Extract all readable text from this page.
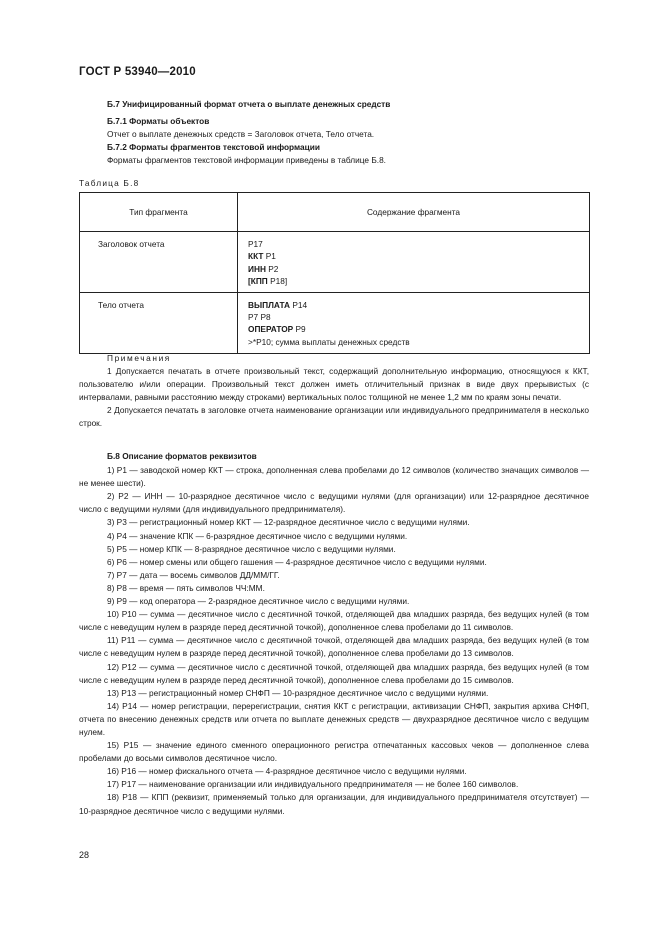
ГОСТ Р 53940—2010

Б.7 Унифицированный формат отчета о выплате денежных средств

Б.7.1 Форматы объектов

Отчет о выплате денежных средств = Заголовок отчета, Тело отчета.

Б.7.2 Форматы фрагментов текстовой информации

Форматы фрагментов текстовой информации приведены в таблице Б.8.

Таблица Б.8
Тип фрагмента	Содержание фрагмента
Заголовок отчета	Р17
ККТ Р1
ИНН Р2
[КПП Р18]

Тело отчета	ВЫПЛАТА Р14
Р7 Р8
ОПЕРАТОР Р9
>*Р10; сумма выплаты денежных средств

Примечания

1 Допускается печатать в отчете произвольный текст, содержащий дополнительную информацию, относящуюся к ККТ, пользователю и/или операции. Произвольный текст должен иметь отличительный признак в виде двух прерывистых (с интервалами, равными расстоянию между строками) вертикальных полос толщиной не менее 1,2 мм по краям зоны печати.

2 Допускается печатать в заголовке отчета наименование организации или индивидуального предпринимателя в несколько строк.

Б.8 Описание форматов реквизитов

1) Р1 — заводской номер ККТ — строка, дополненная слева пробелами до 12 символов (количество значащих символов — не менее шести).

2) Р2 — ИНН — 10-разрядное десятичное число с ведущими нулями (для организации) или 12-разрядное десятичное число с ведущими нулями (для индивидуального предпринимателя).

3) Р3 — регистрационный номер ККТ — 12-разрядное десятичное число с ведущими нулями.

4) Р4 — значение КПК — 6-разрядное десятичное число с ведущими нулями.

5) Р5 — номер КПК — 8-разрядное десятичное число с ведущими нулями.

6) Р6 — номер смены или общего гашения — 4-разрядное десятичное число с ведущими нулями.

7) Р7 — дата — восемь символов ДД/ММ/ГГ.

8) Р8 — время — пять символов ЧЧ:ММ.

9) Р9 — код оператора — 2-разрядное десятичное число с ведущими нулями.

10) Р10 — сумма — десятичное число с десятичной точкой, отделяющей два младших разряда, без ведущих нулей (в том числе с неведущим нулем в разряде перед десятичной точкой), дополненное слева пробелами до 11 символов.

11) Р11 — сумма — десятичное число с десятичной точкой, отделяющей два младших разряда, без ведущих нулей (в том числе с неведущим нулем в разряде перед десятичной точкой), дополненное слева пробелами до 13 символов.

12) Р12 — сумма — десятичное число с десятичной точкой, отделяющей два младших разряда, без ведущих нулей (в том числе с неведущим нулем в разряде перед десятичной точкой), дополненное слева пробелами до 15 символов.

13) Р13 — регистрационный номер СНФП — 10-разрядное десятичное число с ведущими нулями.

14) Р14 — номер регистрации, перерегистрации, снятия ККТ с регистрации, активизации СНФП, закрытия архива СНФП, отчета по внесению денежных средств или отчета по выплате денежных средств — двухразрядное десятичное число с ведущим нулем.

15) Р15 — значение единого сменного операционного регистра отпечатанных кассовых чеков — дополненное слева пробелами до восьми символов десятичное число.

16) Р16 — номер фискального отчета — 4-разрядное десятичное число с ведущими нулями.

17) Р17 — наименование организации или индивидуального предпринимателя — не более 160 символов.

18) Р18 — КПП (реквизит, применяемый только для организации, для индивидуального предпринимателя отсутствует) — 10-разрядное десятичное число с ведущими нулями.

28
